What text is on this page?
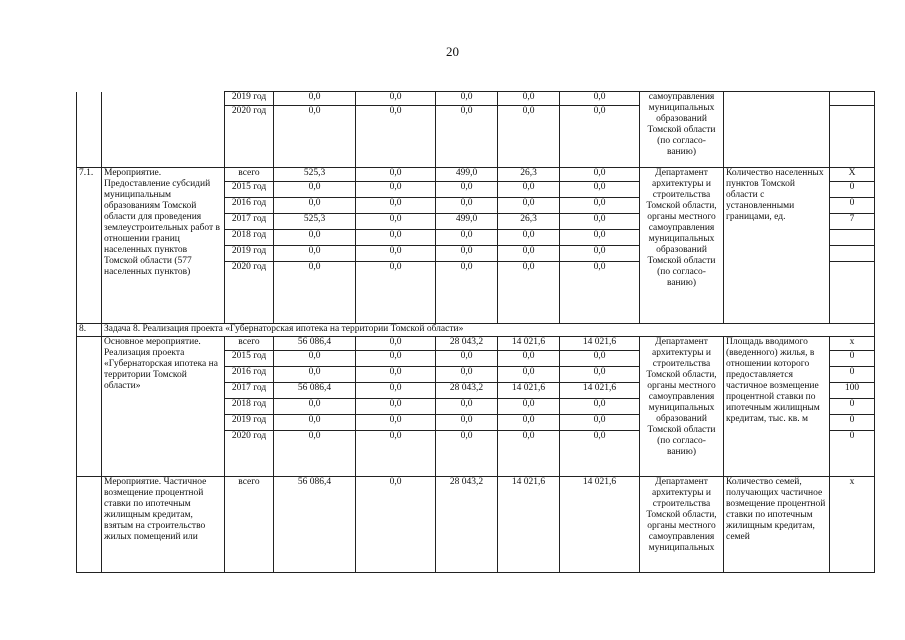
20
		2019 год	0,0	0,0	0,0	0,0	0,0	самоуправления муниципальных образований Томской области (по согласо- ванию)		
		2020 год	0,0	0,0	0,0	0,0	0,0			
7.1.	Мероприятие. Предоставление субсидий муниципальным образованиям Томской области для проведения землеустроительных работ в отношении границ населенных пунктов Томской области (577 населенных пунктов)	всего	525,3	0,0	499,0	26,3	0,0	Департамент архитектуры и строительства Томской области, органы местного самоуправления муниципальных образований Томской области (по согласо- ванию)	Количество населенных пунктов Томской области с установленными границами, ед.	Х
		2015 год	0,0	0,0	0,0	0,0	0,0			0
		2016 год	0,0	0,0	0,0	0,0	0,0			0
		2017 год	525,3	0,0	499,0	26,3	0,0			7
		2018 год	0,0	0,0	0,0	0,0	0,0			
		2019 год	0,0	0,0	0,0	0,0	0,0			
		2020 год	0,0	0,0	0,0	0,0	0,0			
8.	Задача 8. Реализация проекта «Губернаторская ипотека на территории Томской области»									
	Основное мероприятие. Реализация проекта «Губернаторская ипотека на территории Томской области»	всего	56 086,4	0,0	28 043,2	14 021,6	14 021,6	Департамент архитектуры и строительства Томской области, органы местного самоуправления муниципальных образований Томской области (по согласо- ванию)	Площадь вводимого (введенного) жилья, в отношении которого предоставляется частичное возмещение процентной ставки по ипотечным жилищным кредитам, тыс. кв. м	х
		2015 год	0,0	0,0	0,0	0,0	0,0			0
		2016 год	0,0	0,0	0,0	0,0	0,0			0
		2017 год	56 086,4	0,0	28 043,2	14 021,6	14 021,6			100
		2018 год	0,0	0,0	0,0	0,0	0,0			0
		2019 год	0,0	0,0	0,0	0,0	0,0			0
		2020 год	0,0	0,0	0,0	0,0	0,0			0
	Мероприятие. Частичное возмещение процентной ставки по ипотечным жилищным кредитам, взятым на строительство жилых помещений или	всего	56 086,4	0,0	28 043,2	14 021,6	14 021,6	Департамент архитектуры и строительства Томской области, органы местного самоуправления муниципальных	Количество семей, получающих частичное возмещение процентной ставки по ипотечным жилищным кредитам, семей	х
